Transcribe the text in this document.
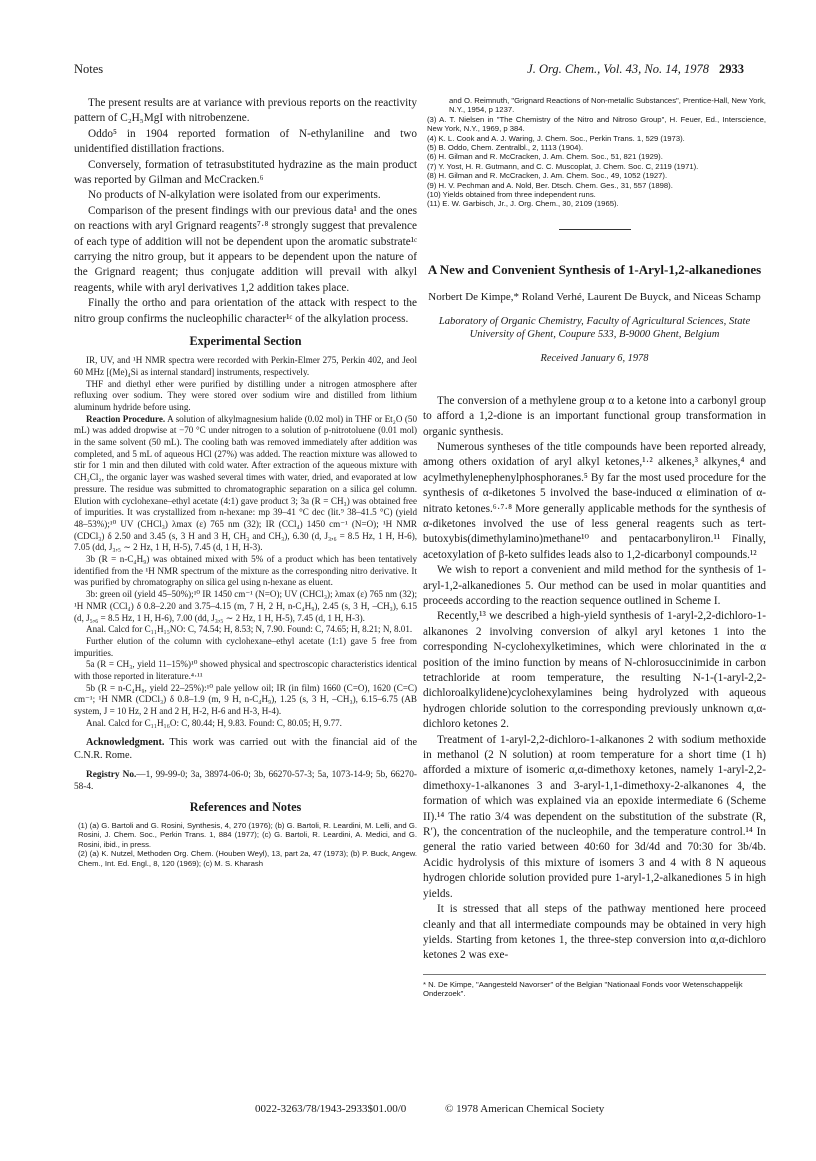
Notes	J. Org. Chem., Vol. 43, No. 14, 1978 2933

The present results are at variance with previous reports on the reactivity pattern of C₂H₅MgI with nitrobenzene.

Oddo⁵ in 1904 reported formation of N-ethylaniline and two unidentified distillation fractions.

Conversely, formation of tetrasubstituted hydrazine as the main product was reported by Gilman and McCracken.⁶

No products of N-alkylation were isolated from our experiments.

Comparison of the present findings with our previous data¹ and the ones on reactions with aryl Grignard reagents⁷·⁸ strongly suggest that prevalence of each type of addition will not be dependent upon the aromatic substrate¹ᶜ carrying the nitro group, but it appears to be dependent upon the nature of the Grignard reagent; thus conjugate addition will prevail with alkyl reagents, while with aryl derivatives 1,2 addition takes place.

Finally the ortho and para orientation of the attack with respect to the nitro group confirms the nucleophilic character¹ᶜ of the alkylation process.

Experimental Section

IR, UV, and ¹H NMR spectra were recorded with Perkin-Elmer 275, Perkin 402, and Jeol 60 MHz [(Me)₄Si as internal standard] instruments, respectively.

THF and diethyl ether were purified by distilling under a nitrogen atmosphere after refluxing over sodium. They were stored over sodium wire and distilled from lithium aluminum hydride before using.

Reaction Procedure. A solution of alkylmagnesium halide (0.02 mol) in THF or Et₂O (50 mL) was added dropwise at −70 °C under nitrogen to a solution of p-nitrotoluene (0.01 mol) in the same solvent (50 mL). The cooling bath was removed immediately after addition was completed, and 5 mL of aqueous HCl (27%) was added. The reaction mixture was allowed to stir for 1 min and then diluted with cold water. After extraction of the aqueous mixture with CH₂Cl₂, the organic layer was washed several times with water, dried, and evaporated at low pressure. The residue was submitted to chromatographic separation on a silica gel column. Elution with cyclohexane–ethyl acetate (4:1) gave product 3; 3a (R = CH₃) was obtained free of impurities. It was crystallized from n-hexane: mp 39–41 °C dec (lit.⁹ 38–41.5 °C) (yield 48–53%);¹⁰ UV (CHCl₃) λmax (ε) 765 nm (32); IR (CCl₄) 1450 cm⁻¹ (N=O); ¹H NMR (CDCl₃) δ 2.50 and 3.45 (s, 3 H and 3 H, CH₃ and CH₃), 6.30 (d, J₃,₆ = 8.5 Hz, 1 H, H-6), 7.05 (dd, J₃,₅ ∼ 2 Hz, 1 H, H-5), 7.45 (d, 1 H, H-3).

3b (R = n-C₄H₉) was obtained mixed with 5% of a product which has been tentatively identified from the ¹H NMR spectrum of the mixture as the corresponding nitro derivative. It was purified by chromatography on silica gel using n-hexane as eluent.

3b: green oil (yield 45–50%);¹⁰ IR 1450 cm⁻¹ (N=O); UV (CHCl₃); λmax (ε) 765 nm (32); ¹H NMR (CCl₄) δ 0.8–2.20 and 3.75–4.15 (m, 7 H, 2 H, n-C₄H₉), 2.45 (s, 3 H, –CH₃), 6.15 (d, J₅,₆ = 8.5 Hz, 1 H, H-6), 7.00 (dd, J₃,₅ ∼ 2 Hz, 1 H, H-5), 7.45 (d, 1 H, H-3).

Anal. Calcd for C₁₁H₁₅NO: C, 74.54; H, 8.53; N, 7.90. Found: C, 74.65; H, 8.21; N, 8.01.

Further elution of the column with cyclohexane–ethyl acetate (1:1) gave 5 free from impurities.

5a (R = CH₃, yield 11–15%)¹⁰ showed physical and spectroscopic characteristics identical with those reported in literature.⁴·¹¹

5b (R = n-C₄H₉, yield 22–25%):¹⁰ pale yellow oil; IR (in film) 1660 (C=O), 1620 (C=C) cm⁻¹; ¹H NMR (CDCl₃) δ 0.8–1.9 (m, 9 H, n-C₄H₉), 1.25 (s, 3 H, –CH₃), 6.15–6.75 (AB system, J = 10 Hz, 2 H and 2 H, H-2, H-6 and H-3, H-4).

Anal. Calcd for C₁₁H₁₆O: C, 80.44; H, 9.83. Found: C, 80.05; H, 9.77.

Acknowledgment. This work was carried out with the financial aid of the C.N.R. Rome.

Registry No.—1, 99-99-0; 3a, 38974-06-0; 3b, 66270-57-3; 5a, 1073-14-9; 5b, 66270-58-4.

References and Notes
(1) (a) G. Bartoli and G. Rosini, Synthesis, 4, 270 (1976); (b) G. Bartoli, R. Leardini, M. Lelli, and G. Rosini, J. Chem. Soc., Perkin Trans. 1, 884 (1977); (c) G. Bartoli, R. Leardini, A. Medici, and G. Rosini, ibid., in press.
(2) (a) K. Nutzel, Methoden Org. Chem. (Houben Weyl), 13, part 2a, 47 (1973); (b) P. Buck, Angew. Chem., Int. Ed. Engl., 8, 120 (1969); (c) M. S. Kharash
and O. Reimnuth, "Grignard Reactions of Non-metallic Substances", Prentice-Hall, New York, N.Y., 1954, p 1237.
(3) A. T. Nielsen in "The Chemistry of the Nitro and Nitroso Group", H. Feuer, Ed., Interscience, New York, N.Y., 1969, p 384.
(4) K. L. Cook and A. J. Waring, J. Chem. Soc., Perkin Trans. 1, 529 (1973).
(5) B. Oddo, Chem. Zentralbl., 2, 1113 (1904).
(6) H. Gilman and R. McCracken, J. Am. Chem. Soc., 51, 821 (1929).
(7) Y. Yost, H. R. Gutmann, and C. C. Muscoplat, J. Chem. Soc. C, 2119 (1971).
(8) H. Gilman and R. McCracken, J. Am. Chem. Soc., 49, 1052 (1927).
(9) H. V. Pechman and A. Nold, Ber. Dtsch. Chem. Ges., 31, 557 (1898).
(10) Yields obtained from three independent runs.
(11) E. W. Garbisch, Jr., J. Org. Chem., 30, 2109 (1965).
A New and Convenient Synthesis of 1-Aryl-1,2-alkanediones
Norbert De Kimpe,* Roland Verhé, Laurent De Buyck, and Niceas Schamp
Laboratory of Organic Chemistry, Faculty of Agricultural Sciences, State University of Ghent, Coupure 533, B-9000 Ghent, Belgium
Received January 6, 1978

The conversion of a methylene group α to a ketone into a carbonyl group to afford a 1,2-dione is an important functional group transformation in organic synthesis.

Numerous syntheses of the title compounds have been reported already, among others oxidation of aryl alkyl ketones,¹·² alkenes,³ alkynes,⁴ and acylmethylenephenylphosphoranes.⁵ By far the most used procedure for the synthesis of α-diketones 5 involved the base-induced α elimination of α-nitrato ketones.⁶·⁷·⁸ More generally applicable methods for the synthesis of α-diketones involved the use of less general reagents such as tert-butoxybis(dimethylamino)methane¹⁰ and pentacarbonyliron.¹¹ Finally, acetoxylation of β-keto sulfides leads also to 1,2-dicarbonyl compounds.¹²

We wish to report a convenient and mild method for the synthesis of 1-aryl-1,2-alkanediones 5. Our method can be used in molar quantities and proceeds according to the reaction sequence outlined in Scheme I.

Recently,¹³ we described a high-yield synthesis of 1-aryl-2,2-dichloro-1-alkanones 2 involving conversion of alkyl aryl ketones 1 into the corresponding N-cyclohexylketimines, which were chlorinated in the α position of the imino function by means of N-chlorosuccinimide in carbon tetrachloride at room temperature, the resulting N-1-(1-aryl-2,2-dichloroalkylidene)cyclohexylamines being hydrolyzed with aqueous hydrogen chloride solution to the corresponding previously unknown α,α-dichloro ketones 2.

Treatment of 1-aryl-2,2-dichloro-1-alkanones 2 with sodium methoxide in methanol (2 N solution) at room temperature for a short time (1 h) afforded a mixture of isomeric α,α-dimethoxy ketones, namely 1-aryl-2,2-dimethoxy-1-alkanones 3 and 3-aryl-1,1-dimethoxy-2-alkanones 4, the formation of which was explained via an epoxide intermediate 6 (Scheme II).¹⁴ The ratio 3/4 was dependent on the substitution of the substrate (R, R′), the concentration of the nucleophile, and the temperature control.¹⁴ In general the ratio varied between 40:60 for 3d/4d and 70:30 for 3b/4b. Acidic hydrolysis of this mixture of isomers 3 and 4 with 8 N aqueous hydrogen chloride solution provided pure 1-aryl-1,2-alkanediones 5 in high yields.

It is stressed that all steps of the pathway mentioned here proceed cleanly and that all intermediate compounds may be obtained in very high yields. Starting from ketones 1, the three-step conversion into α,α-dichloro ketones 2 was exe-

* N. De Kimpe, "Aangesteld Navorser" of the Belgian "Nationaal Fonds voor Wetenschappelijk Onderzoek".
0022-3263/78/1943-2933$01.00/0	© 1978 American Chemical Society
